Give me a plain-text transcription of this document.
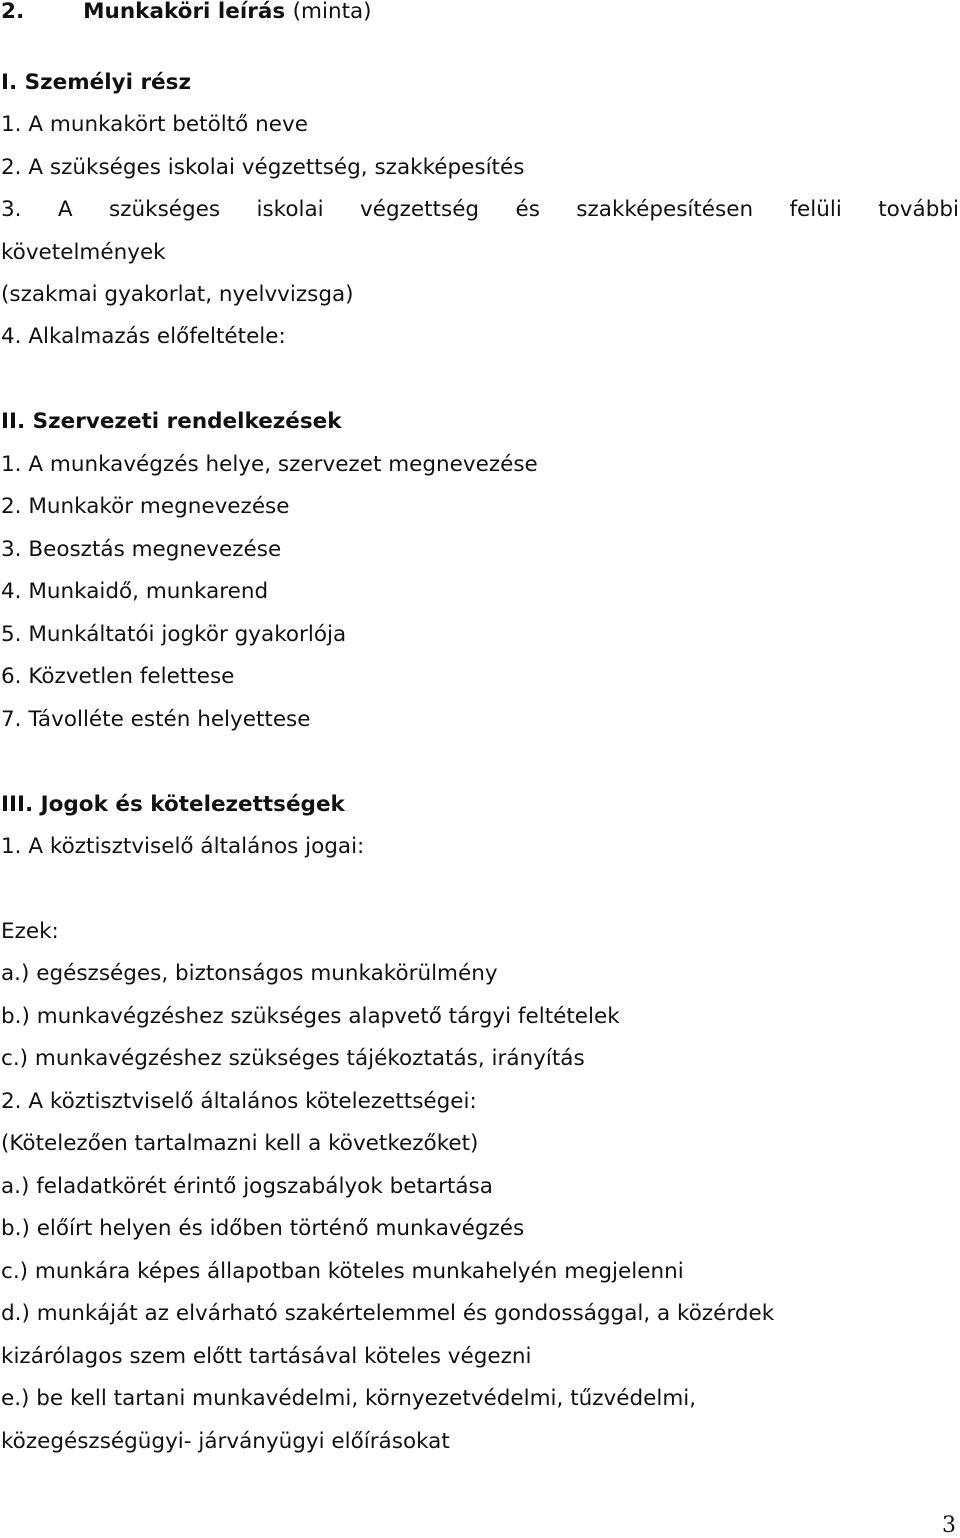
2.	Munkaköri leírás (minta)
I. Személyi rész
1. A munkakört betöltő neve
2. A szükséges iskolai végzettség, szakképesítés
3. A szükséges iskolai végzettség és szakképesítésen felüli további
követelmények
(szakmai gyakorlat, nyelvvizsga)
4. Alkalmazás előfeltétele:
II. Szervezeti rendelkezések
1. A munkavégzés helye, szervezet megnevezése
2. Munkakör megnevezése
3. Beosztás megnevezése
4. Munkaidő, munkarend
5. Munkáltatói jogkör gyakorlója
6. Közvetlen felettese
7. Távolléte estén helyettese
III. Jogok és kötelezettségek
1. A köztisztviselő általános jogai:
Ezek:
a.) egészséges, biztonságos munkakörülmény
b.) munkavégzéshez szükséges alapvető tárgyi feltételek
c.) munkavégzéshez szükséges tájékoztatás, irányítás
2. A köztisztviselő általános kötelezettségei:
(Kötelezően tartalmazni kell a következőket)
a.) feladatkörét érintő jogszabályok betartása
b.) előírt helyen és időben történő munkavégzés
c.) munkára képes állapotban köteles munkahelyén megjelenni
d.) munkáját az elvárható szakértelemmel és gondossággal, a közérdek
kizárólagos szem előtt tartásával köteles végezni
e.) be kell tartani munkavédelmi, környezetvédelmi, tűzvédelmi,
közegészségügyi- járványügyi előírásokat
3
